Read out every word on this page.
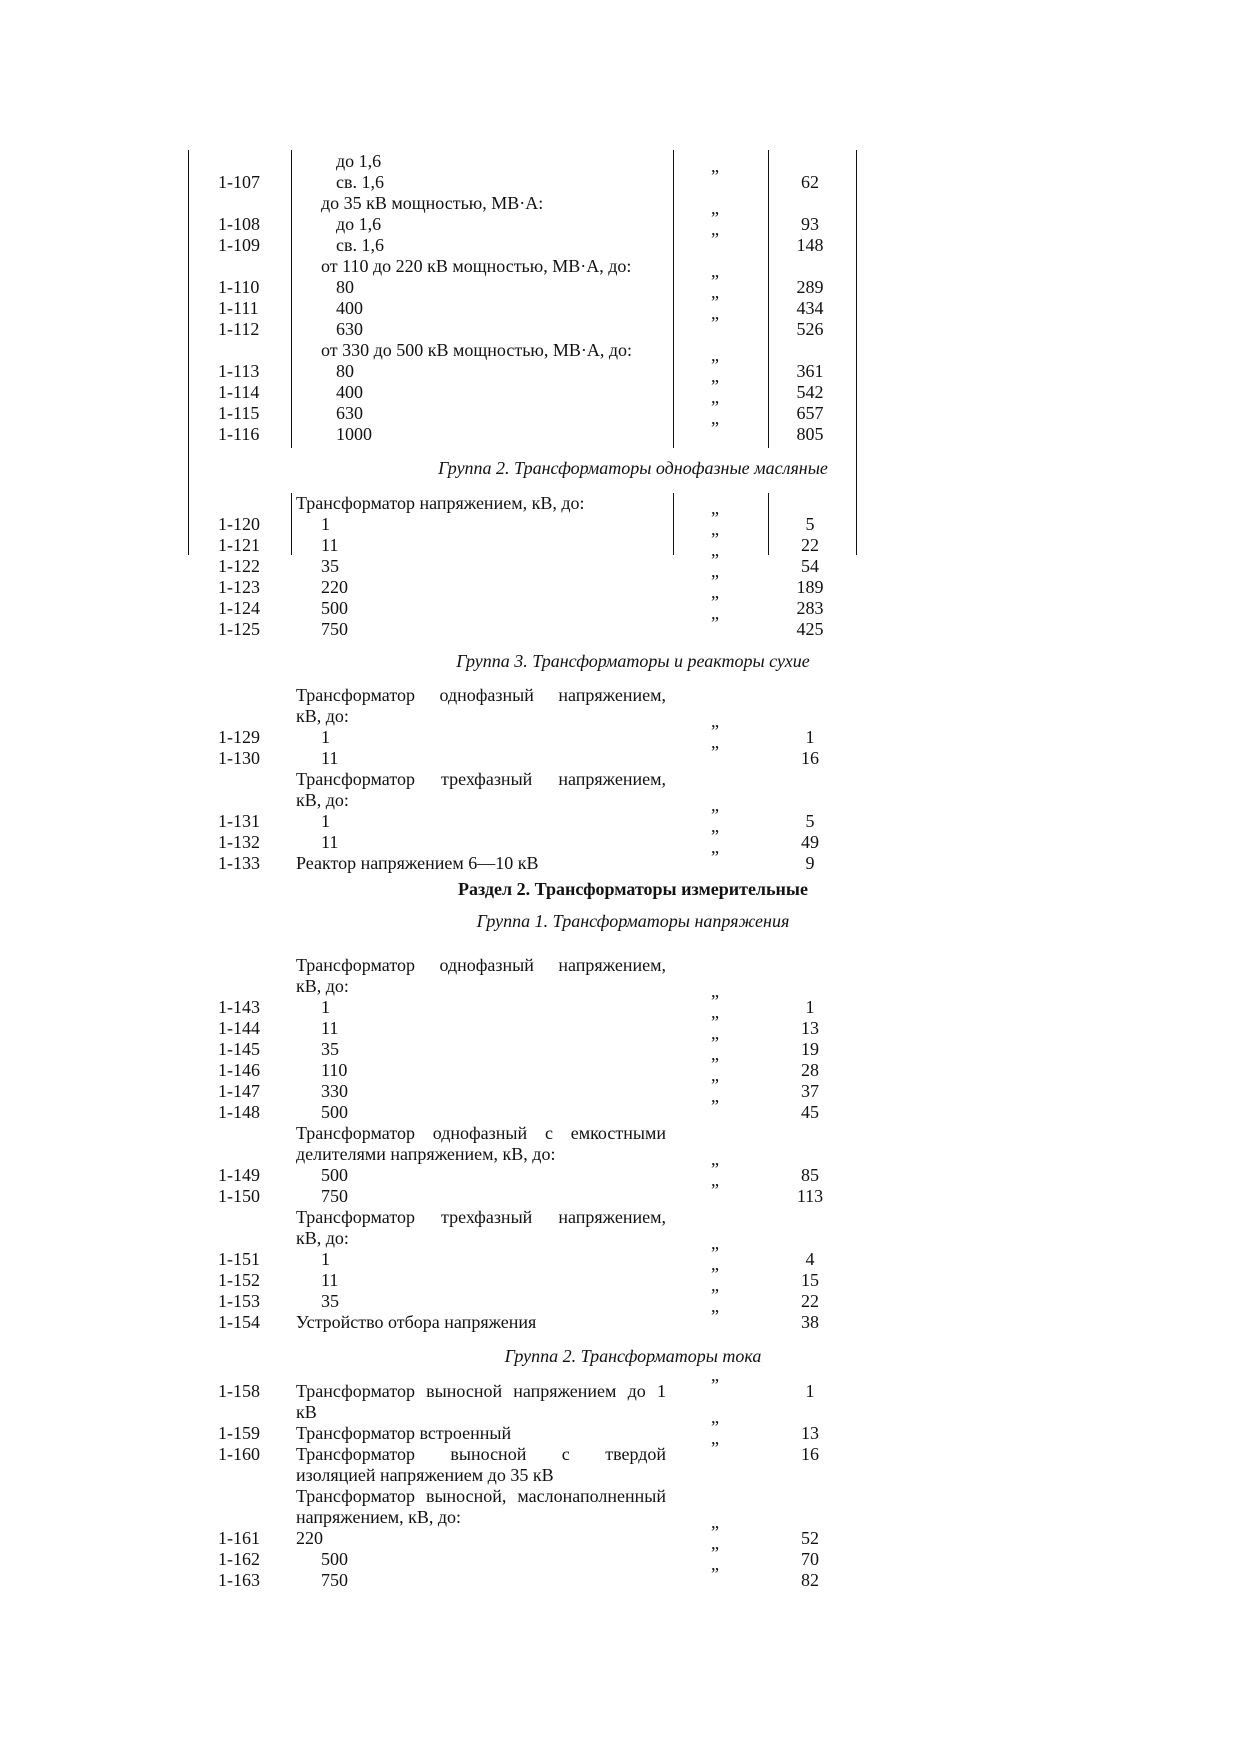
до 1,6
1-107	св. 1,6	”	62
до 35 кВ мощностью, МВ·А:
1-108	до 1,6	”	93
1-109	св. 1,6	”	148
от 110 до 220 кВ мощностью, МВ·А, до:
1-110	80	”	289
1-111	400	”	434
1-112	630	”	526
от 330 до 500 кВ мощностью, МВ·А, до:
1-113	80	”	361
1-114	400	”	542
1-115	630	”	657
1-116	1000	”	805
Трансформатор напряжением, кВ, до:
1-120	1	”	5
1-121	11	”	22
1-122	35	”	54
1-123	220	”	189
1-124	500	”	283
1-125	750	”	425
Трансформатор однофазный напряжением,
кВ, до:
1-129	1	”	1
1-130	11	”	16
Трансформатор трехфазный напряжением,
кВ, до:
1-131	1	”	5
1-132	11	”	49
1-133	Реактор напряжением 6—10 кВ	”	9
Трансформатор однофазный напряжением,
кВ, до:
1-143	1	”	1
1-144	11	”	13
1-145	35	”	19
1-146	110	”	28
1-147	330	”	37
1-148	500	”	45
Трансформатор однофазный с емкостными
делителями напряжением, кВ, до:
1-149	500	”	85
1-150	750	”	113
Трансформатор трехфазный напряжением,
кВ, до:
1-151	1	”	4
1-152	11	”	15
1-153	35	”	22
1-154	Устройство отбора напряжения	”	38
1-158	Трансформатор выносной напряжением до 1	”	1
кВ
1-159	Трансформатор встроенный	”	13
1-160	Трансформатор выносной с твердой	”	16
изоляцией напряжением до 35 кВ
Трансформатор выносной, маслонаполненный
напряжением, кВ, до:
1-161	220	”	52
1-162	500	”	70
1-163	750	”	82
Группа 2. Трансформаторы однофазные масляные
Группа 3. Трансформаторы и реакторы сухие
Раздел 2. Трансформаторы измерительные
Группа 1. Трансформаторы напряжения
Группа 2. Трансформаторы тока
